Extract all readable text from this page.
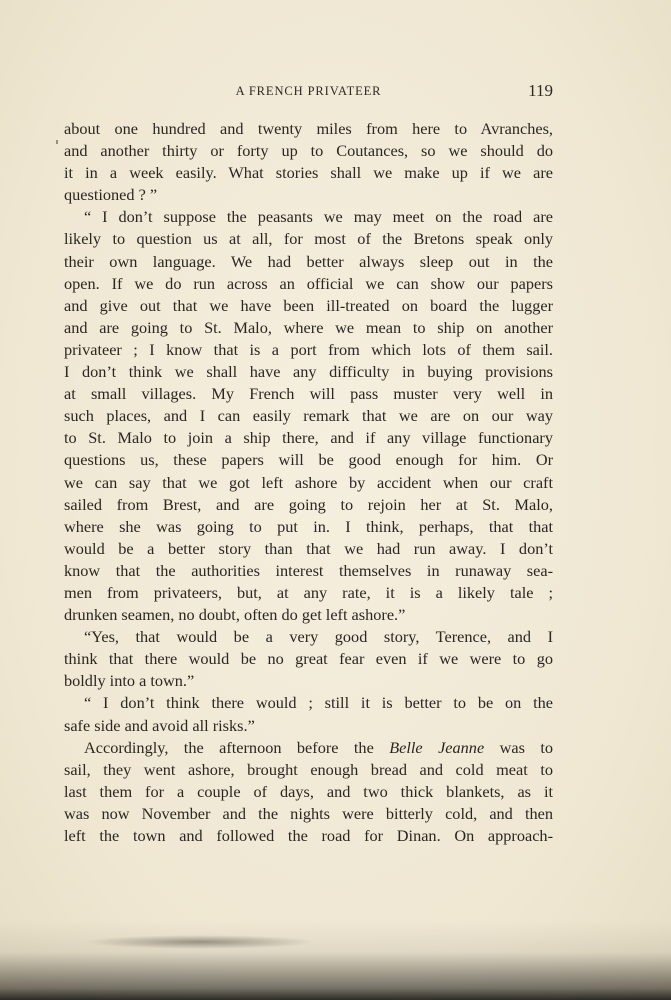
A FRENCH PRIVATEER	119
about one hundred and twenty miles from here to Avranches,
and another thirty or forty up to Coutances, so we should do
it in a week easily. What stories shall we make up if we are
questioned ? ”
“ I don’t suppose the peasants we may meet on the road are
likely to question us at all, for most of the Bretons speak only
their own language. We had better always sleep out in the
open. If we do run across an official we can show our papers
and give out that we have been ill-treated on board the lugger
and are going to St. Malo, where we mean to ship on another
privateer ; I know that is a port from which lots of them sail.
I don’t think we shall have any difficulty in buying provisions
at small villages. My French will pass muster very well in
such places, and I can easily remark that we are on our way
to St. Malo to join a ship there, and if any village functionary
questions us, these papers will be good enough for him. Or
we can say that we got left ashore by accident when our craft
sailed from Brest, and are going to rejoin her at St. Malo,
where she was going to put in. I think, perhaps, that that
would be a better story than that we had run away. I don’t
know that the authorities interest themselves in runaway sea-
men from privateers, but, at any rate, it is a likely tale ;
drunken seamen, no doubt, often do get left ashore.”
“Yes, that would be a very good story, Terence, and I
think that there would be no great fear even if we were to go
boldly into a town.”
“ I don’t think there would ; still it is better to be on the
safe side and avoid all risks.”
Accordingly, the afternoon before the Belle Jeanne was to
sail, they went ashore, brought enough bread and cold meat to
last them for a couple of days, and two thick blankets, as it
was now November and the nights were bitterly cold, and then
left the town and followed the road for Dinan. On approach-
